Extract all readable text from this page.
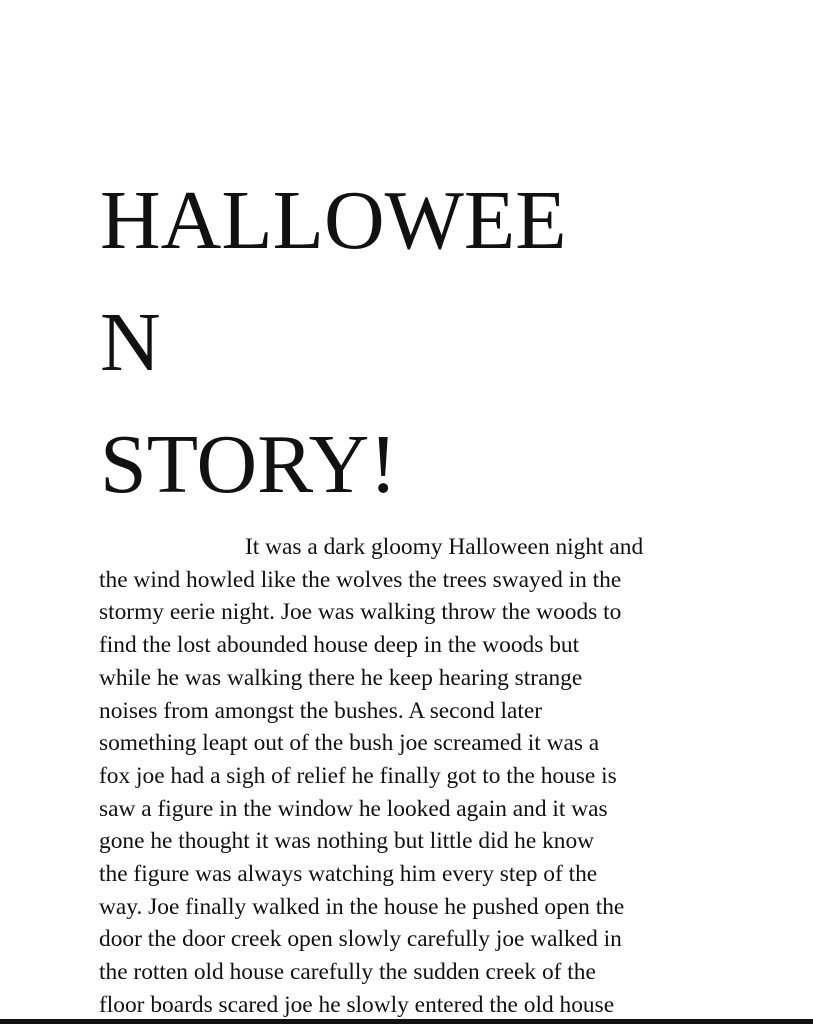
HALLOWEE
N
STORY!
It was a dark gloomy Halloween night and
the wind howled like the wolves the trees swayed in the
stormy eerie night. Joe was walking throw the woods to
find the lost abounded house deep in the woods but
while he was walking there he keep hearing strange
noises from amongst the bushes. A second later
something leapt out of the bush joe screamed it was a
fox joe had a sigh of relief he finally got to the house is
saw a figure in the window he looked again and it was
gone he thought it was nothing but little did he know
the figure was always watching him every step of the
way. Joe finally walked in the house he pushed open the
door the door creek open slowly carefully joe walked in
the rotten old house carefully the sudden creek of the
floor boards scared joe he slowly entered the old house
